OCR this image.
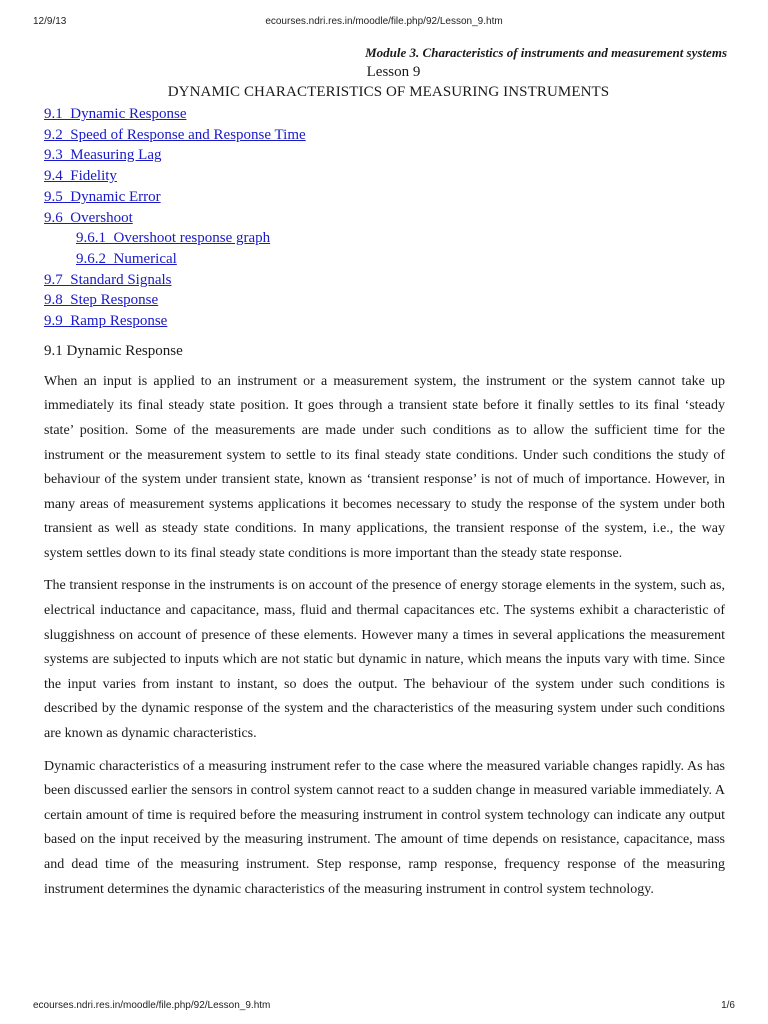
12/9/13	ecourses.ndri.res.in/moodle/file.php/92/Lesson_9.htm
Module 3. Characteristics of instruments and measurement systems
Lesson 9
DYNAMIC CHARACTERISTICS OF MEASURING INSTRUMENTS
9.1  Dynamic Response
9.2  Speed of Response and Response Time
9.3  Measuring Lag
9.4  Fidelity
9.5  Dynamic Error
9.6  Overshoot
9.6.1  Overshoot response graph
9.6.2  Numerical
9.7  Standard Signals
9.8  Step Response
9.9  Ramp Response
9.1 Dynamic Response

When an input is applied to an instrument or a measurement system, the instrument or the system cannot take up immediately its final steady state position. It goes through a transient state before it finally settles to its final ‘steady state’ position. Some of the measurements are made under such conditions as to allow the sufficient time for the instrument or the measurement system to settle to its final steady state conditions. Under such conditions the study of behaviour of the system under transient state, known as ‘transient response’ is not of much of importance. However, in many areas of measurement systems applications it becomes necessary to study the response of the system under both transient as well as steady state conditions. In many applications, the transient response of the system, i.e., the way system settles down to its final steady state conditions is more important than the steady state response.

The transient response in the instruments is on account of the presence of energy storage elements in the system, such as, electrical inductance and capacitance, mass, fluid and thermal capacitances etc. The systems exhibit a characteristic of sluggishness on account of presence of these elements. However many a times in several applications the measurement systems are subjected to inputs which are not static but dynamic in nature, which means the inputs vary with time. Since the input varies from instant to instant, so does the output. The behaviour of the system under such conditions is described by the dynamic response of the system and the characteristics of the measuring system under such conditions are known as dynamic characteristics.

Dynamic characteristics of a measuring instrument refer to the case where the measured variable changes rapidly. As has been discussed earlier the sensors in control system cannot react to a sudden change in measured variable immediately. A certain amount of time is required before the measuring instrument in control system technology can indicate any output based on the input received by the measuring instrument. The amount of time depends on resistance, capacitance, mass and dead time of the measuring instrument. Step response, ramp response, frequency response of the measuring instrument determines the dynamic characteristics of the measuring instrument in control system technology.

ecourses.ndri.res.in/moodle/file.php/92/Lesson_9.htm	1/6
